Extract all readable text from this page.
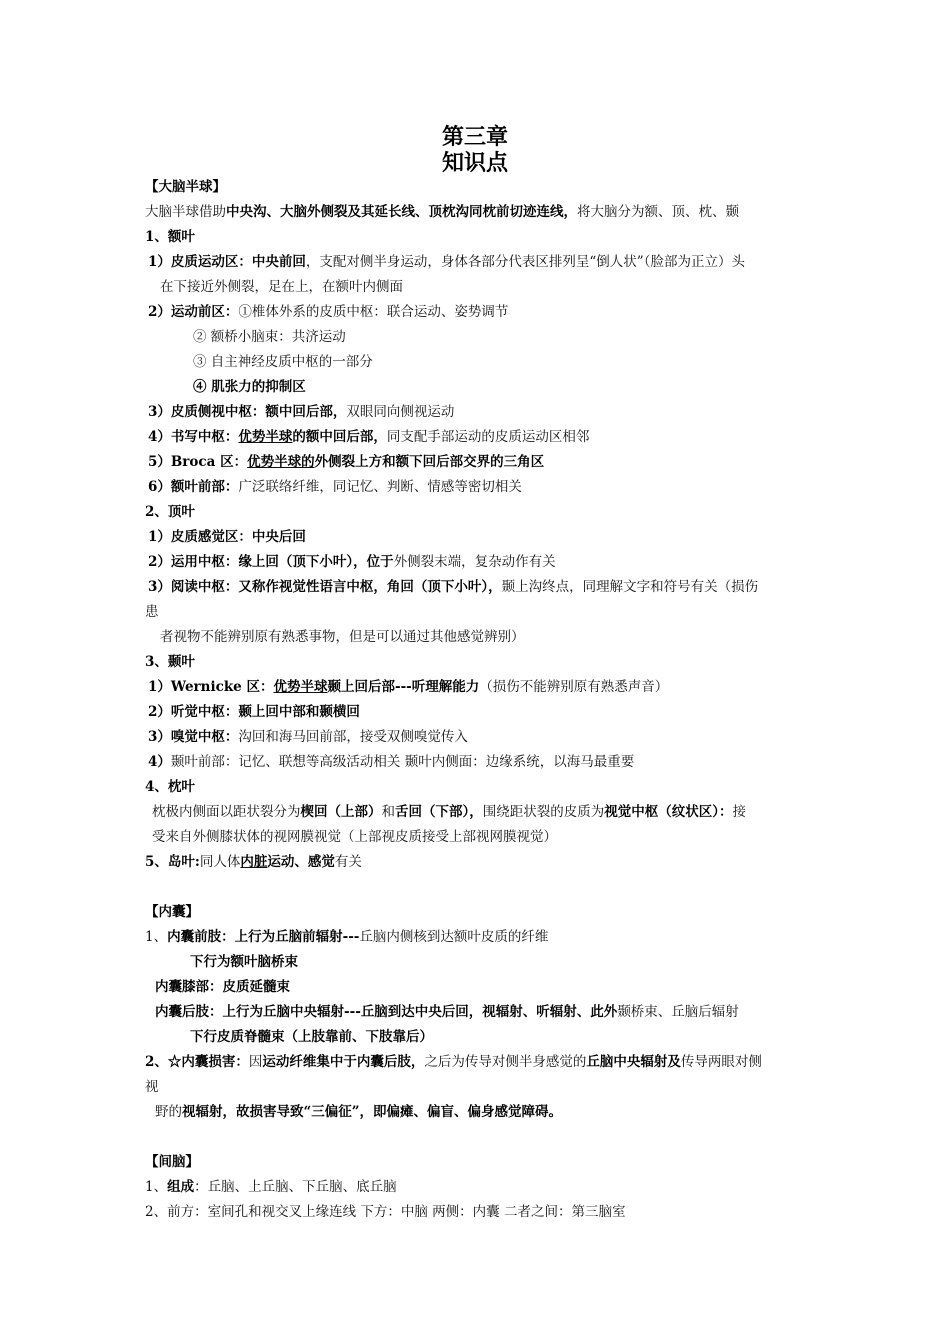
第三章
知识点
【大脑半球】
大脑半球借助中央沟、大脑外侧裂及其延长线、顶枕沟同枕前切迹连线，将大脑分为额、顶、枕、颞
1、额叶
1）皮质运动区：中央前回，支配对侧半身运动，身体各部分代表区排列呈“倒人状”（脸部为正立）头
在下接近外侧裂，足在上，在额叶内侧面
2）运动前区：①椎体外系的皮质中枢：联合运动、姿势调节
② 额桥小脑束：共济运动
③ 自主神经皮质中枢的一部分
④ 肌张力的抑制区
3）皮质侧视中枢：额中回后部，双眼同向侧视运动
4）书写中枢：优势半球的额中回后部，同支配手部运动的皮质运动区相邻
5）Broca 区：优势半球的外侧裂上方和额下回后部交界的三角区
6）额叶前部：广泛联络纤维，同记忆、判断、情感等密切相关
2、顶叶
1）皮质感觉区：中央后回
2）运用中枢：缘上回（顶下小叶），位于外侧裂末端，复杂动作有关
3）阅读中枢：又称作视觉性语言中枢，角回（顶下小叶），颞上沟终点，同理解文字和符号有关（损伤
患
者视物不能辨别原有熟悉事物，但是可以通过其他感觉辨别）
3、颞叶
1）Wernicke 区：优势半球颞上回后部---听理解能力（损伤不能辨别原有熟悉声音）
2）听觉中枢：颞上回中部和颞横回
3）嗅觉中枢：沟回和海马回前部，接受双侧嗅觉传入
4）颞叶前部：记忆、联想等高级活动相关 颞叶内侧面：边缘系统，以海马最重要
4、枕叶
枕极内侧面以距状裂分为楔回（上部）和舌回（下部），围绕距状裂的皮质为视觉中枢（纹状区）：接
受来自外侧膝状体的视网膜视觉（上部视皮质接受上部视网膜视觉）
5、岛叶:同人体内脏运动、感觉有关
【内囊】
1、内囊前肢：上行为丘脑前辐射---丘脑内侧核到达额叶皮质的纤维
下行为额叶脑桥束
内囊膝部：皮质延髓束
内囊后肢：上行为丘脑中央辐射---丘脑到达中央后回，视辐射、听辐射、此外颞桥束、丘脑后辐射
下行皮质脊髓束（上肢靠前、下肢靠后）
2、☆内囊损害：因运动纤维集中于内囊后肢，之后为传导对侧半身感觉的丘脑中央辐射及传导两眼对侧
视
野的视辐射，故损害导致“三偏征”，即偏瘫、偏盲、偏身感觉障碍。
【间脑】
1、组成：丘脑、上丘脑、下丘脑、底丘脑
2、前方：室间孔和视交叉上缘连线 下方：中脑 两侧：内囊 二者之间：第三脑室
